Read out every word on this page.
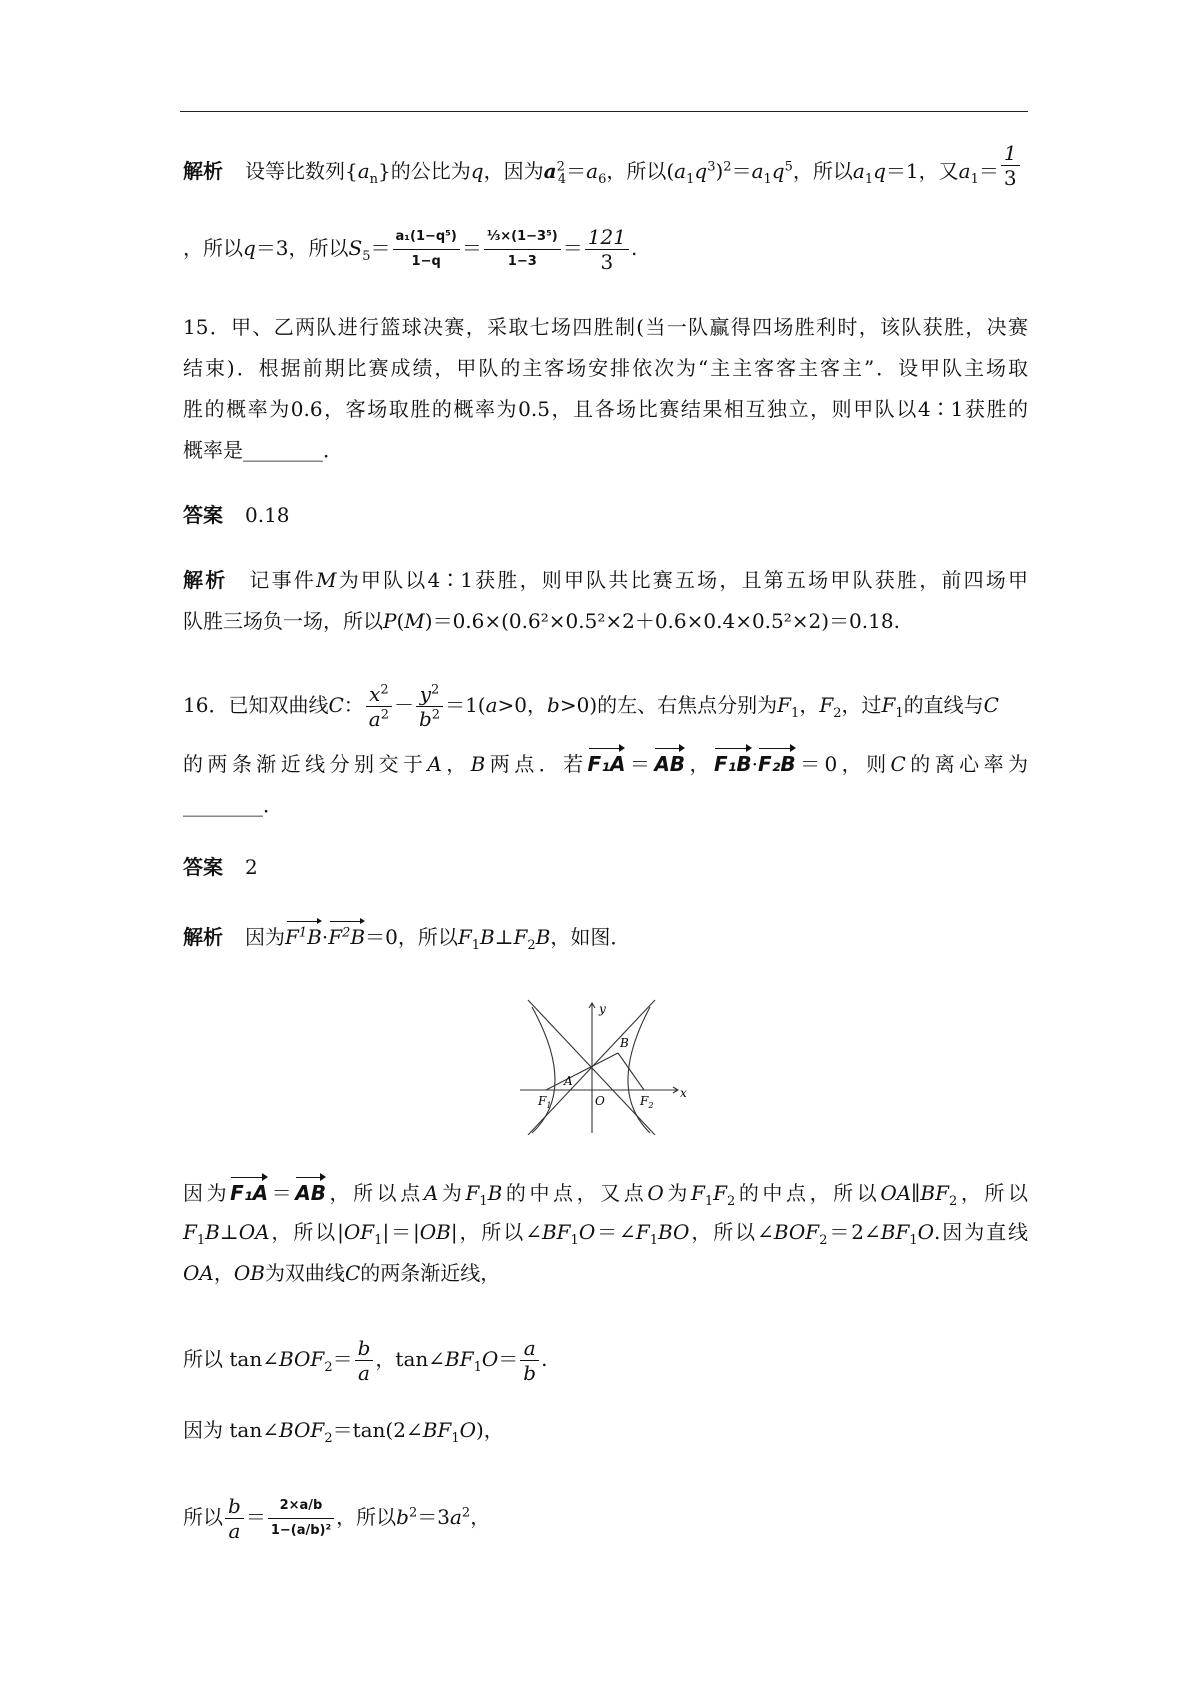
解析 设等比数列$\{a_n\}$的公比为q，因为$a^2_4=a_6$，所以$(a_1q^3)^2=a_1q^5$，所以$a_1q=1$，又$a_1= \frac{1}{3}$
，所以q＝3，所以$S_5= \frac{\text{a₁(1−q⁵)}}{1-q} = \frac{\text{⅓×(1−3⁵)}}{1-3} = \frac{121}{3}$ .
15．甲、乙两队进行篮球决赛，采取七场四胜制(当一队赢得四场胜利时，该队获胜，决赛
结束)．根据前期比赛成绩，甲队的主客场安排依次为“主主客客主客主”．设甲队主场取
胜的概率为0.6，客场取胜的概率为0.5，且各场比赛结果相互独立，则甲队以4∶1获胜的
概率是________．
答案 0.18
解析 记事件M为甲队以4∶1获胜，则甲队共比赛五场，且第五场甲队获胜，前四场甲
队胜三场负一场，所以P(M)＝0.6×(0.6²×0.5²×2＋0.6×0.4×0.5²×2)＝0.18.
16．已知双曲线C： $\frac{x^2}{a^2} - \frac{y^2}{b^2} =1(a>0$，b>0)的左、右焦点分别为$F_1$，$F_2$，过$F_1$的直线与C
的两条渐近线分别交于A，B两点．若F₁A＝AB，F₁B·F₂B＝0，则C的离心率为
________．
答案 2
解析 因为$F^1B\cdot F^2B=0$，所以$F_1B\perp F_2B$，如图．
y
x
A
B
O
$F_1$	$F_2$
因为F₁A＝AB，所以点A为$F_1B$的中点，又点O为$F_1F_2$的中点，所以$OA\parallel BF_2$，所以
$F_1B\perp OA$，所以$|OF_1|=|OB|$，所以$\angle BF_1O=\angle F_1BO$，所以$\angle BOF_2=2\angle BF_1O$.因为直线
OA，OB为双曲线C的两条渐近线，
所以 $\tan\angle BOF_2= \frac{b}{a}$ ，$\tan\angle BF_1O= \frac{a}{b}$ .
因为 $\tan\angle BOF_2=\tan(2\angle BF_1O)$，
所以 $\frac{b}{a} = \frac{2\times a/b}{\text{1−(a/b)²}}$ ，所以$b^2=3a^2$，
